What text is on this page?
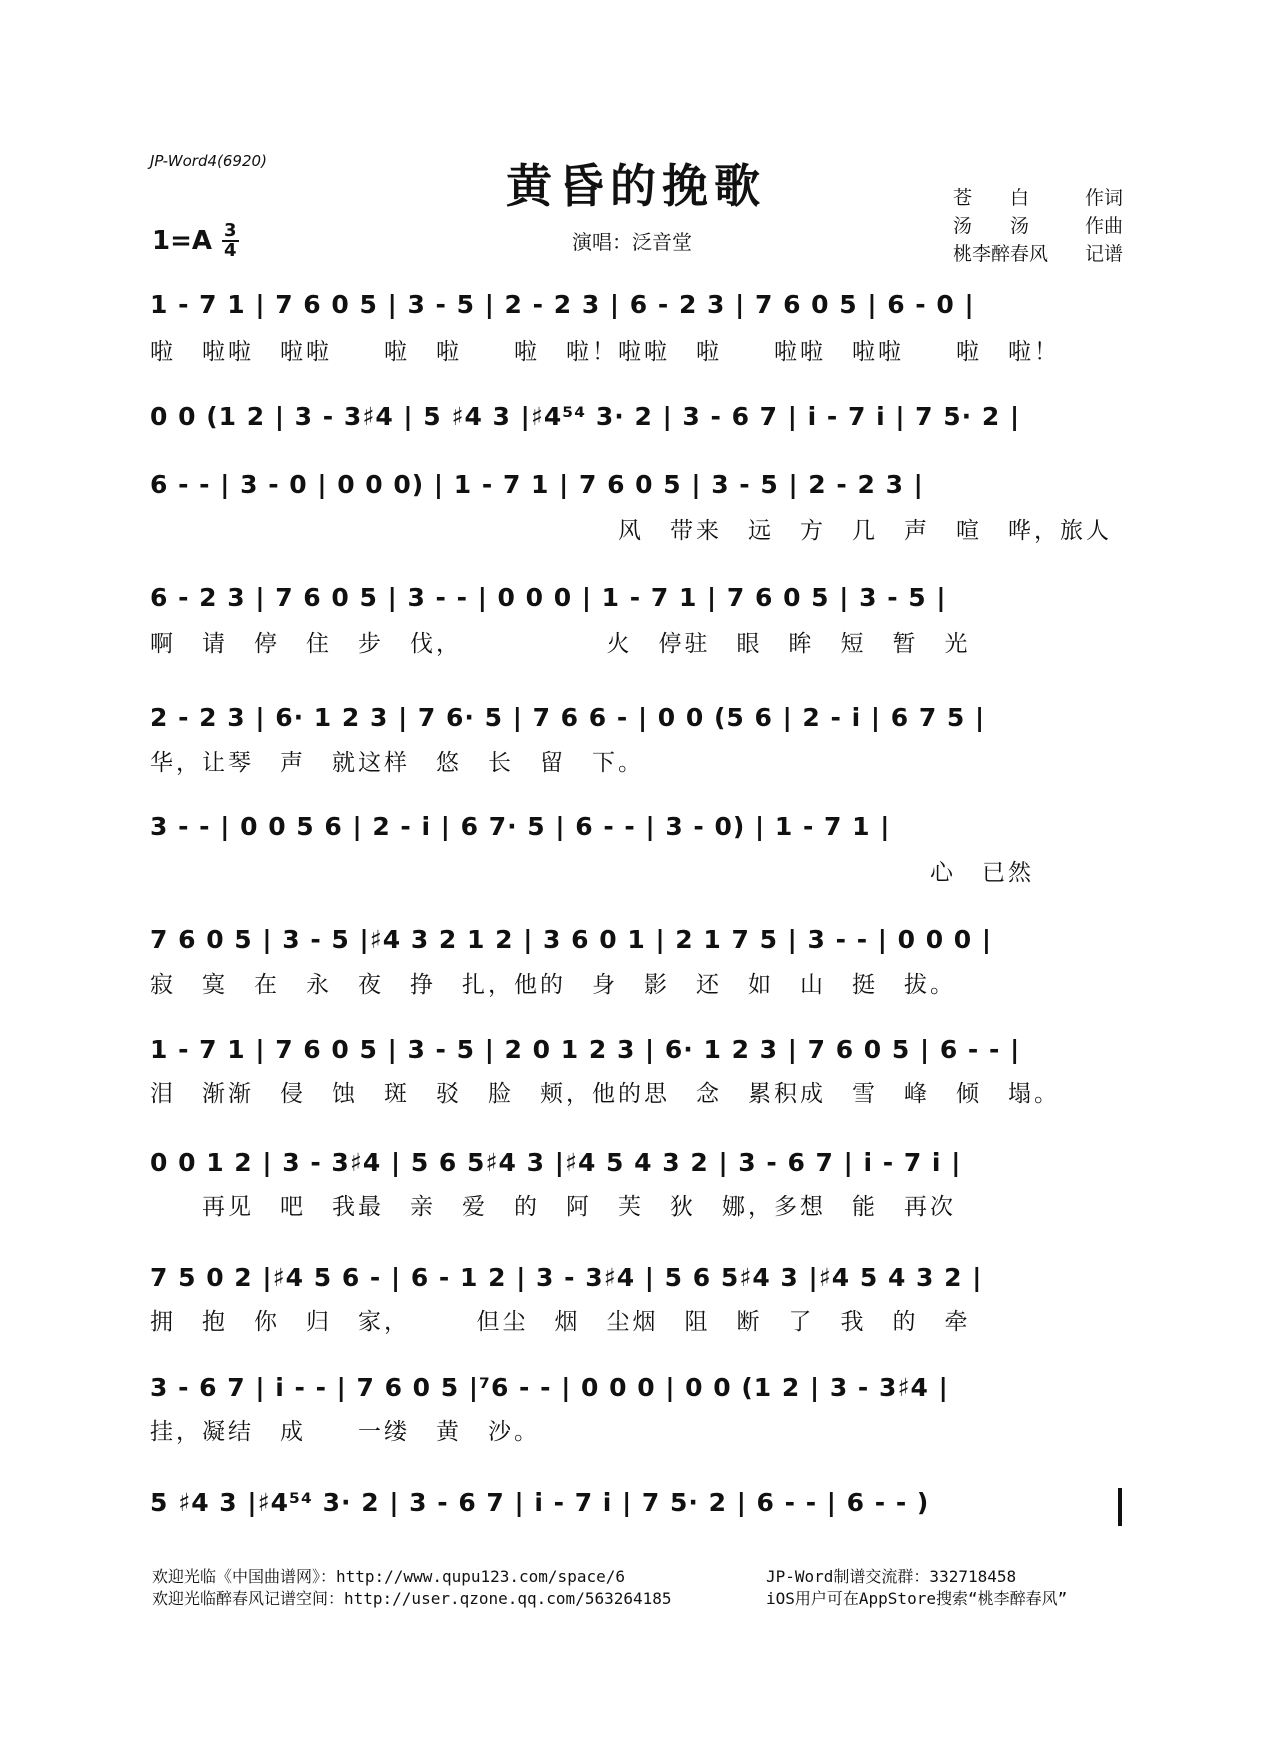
JP-Word4(6920)	黄昏的挽歌
$1=A \frac{3}{4}$	演唱：泛音堂
苍　　白	作词
汤　　汤	作曲
桃李醉春风 记谱
1 - 7 1 | 7 6 0 5 | 3 - 5 | 2 - 2 3 | 6 - 2 3 | 7 6 0 5 | 6 - 0 |
啦　啦啦　啦啦　　啦　啦　　啦　啦！啦啦　啦　　啦啦　啦啦　　啦　啦！
0 0 (1 2 | 3 - 3♯4 | 5 ♯4 3 |♯4⁵⁴ 3· 2 | 3 - 6 7 | i - 7 i | 7 5· 2 |
6 - - | 3 - 0 | 0 0 0) | 1 - 7 1 | 7 6 0 5 | 3 - 5 | 2 - 2 3 |
　　　　　　　　　　　　　　　　　　风　带来　远　方　几　声　喧　哗，旅人
6 - 2 3 | 7 6 0 5 | 3 - - | 0 0 0 | 1 - 7 1 | 7 6 0 5 | 3 - 5 |
啊　请　停　住　步　伐，　　　　　　火　停驻　眼　眸　短　暂　光
2 - 2 3 | 6· 1 2 3 | 7 6· 5 | 7 6 6 - | 0 0 (5 6 | 2 - i | 6 7 5 |
华，让琴　声　就这样　悠　长　留　下。
3 - - | 0 0 5 6 | 2 - i | 6 7· 5 | 6 - - | 3 - 0) | 1 - 7 1 |
　　　　　　　　　　　　　　　　　　　　　　　　　　　　　　心　已然
7 6 0 5 | 3 - 5 |♯4 3 2 1 2 | 3 6 0 1 | 2 1 7 5 | 3 - - | 0 0 0 |
寂　寞　在　永　夜　挣　扎，他的　身　影　还　如　山　挺　拔。
1 - 7 1 | 7 6 0 5 | 3 - 5 | 2 0 1 2 3 | 6· 1 2 3 | 7 6 0 5 | 6 - - |
泪　渐渐　侵　蚀　斑　驳　脸　颊，他的思　念　累积成　雪　峰　倾　塌。
0 0 1 2 | 3 - 3♯4 | 5 6 5♯4 3 |♯4 5 4 3 2 | 3 - 6 7 | i - 7 i |
　　再见　吧　我最　亲　爱　的　阿　芙　狄　娜，多想　能　再次
7 5 0 2 |♯4 5 6 - | 6 - 1 2 | 3 - 3♯4 | 5 6 5♯4 3 |♯4 5 4 3 2 |
拥　抱　你　归　家，　　　但尘　烟　尘烟　阻　断　了　我　的　牵
3 - 6 7 | i - - | 7 6 0 5 |⁷6 - - | 0 0 0 | 0 0 (1 2 | 3 - 3♯4 |
挂，凝结　成　　一缕　黄　沙。
5 ♯4 3 |♯4⁵⁴ 3· 2 | 3 - 6 7 | i - 7 i | 7 5· 2 | 6 - - | 6 - - )
欢迎光临《中国曲谱网》：http://www.qupu123.com/space/6	JP-Word制谱交流群：332718458
欢迎光临醉春风记谱空间：http://user.qzone.qq.com/563264185	iOS用户可在AppStore搜索“桃李醉春风”
